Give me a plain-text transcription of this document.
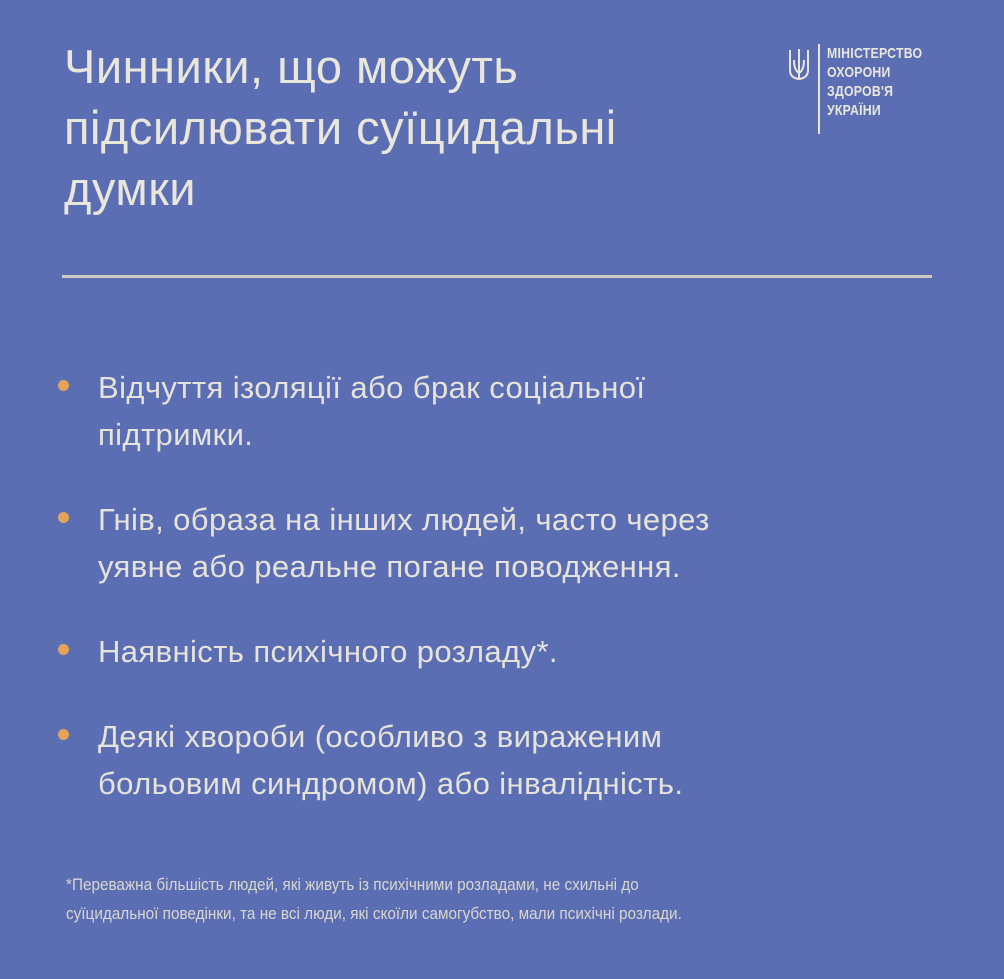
Чинники, що можуть
підсилювати суїцидальні
думки
МІНІСТЕРСТВО
ОХОРОНИ
ЗДОРОВ'Я
УКРАЇНИ
Відчуття ізоляції або брак соціальної
підтримки.
Гнів, образа на інших людей, часто через
уявне або реальне погане поводження.
Наявність психічного розладу*.
Деякі хвороби (особливо з вираженим
больовим синдромом) або інвалідність.
*Переважна більшість людей, які живуть із психічними розладами, не схильні до
суїцидальної поведінки, та не всі люди, які скоїли самогубство, мали психічні розлади.
